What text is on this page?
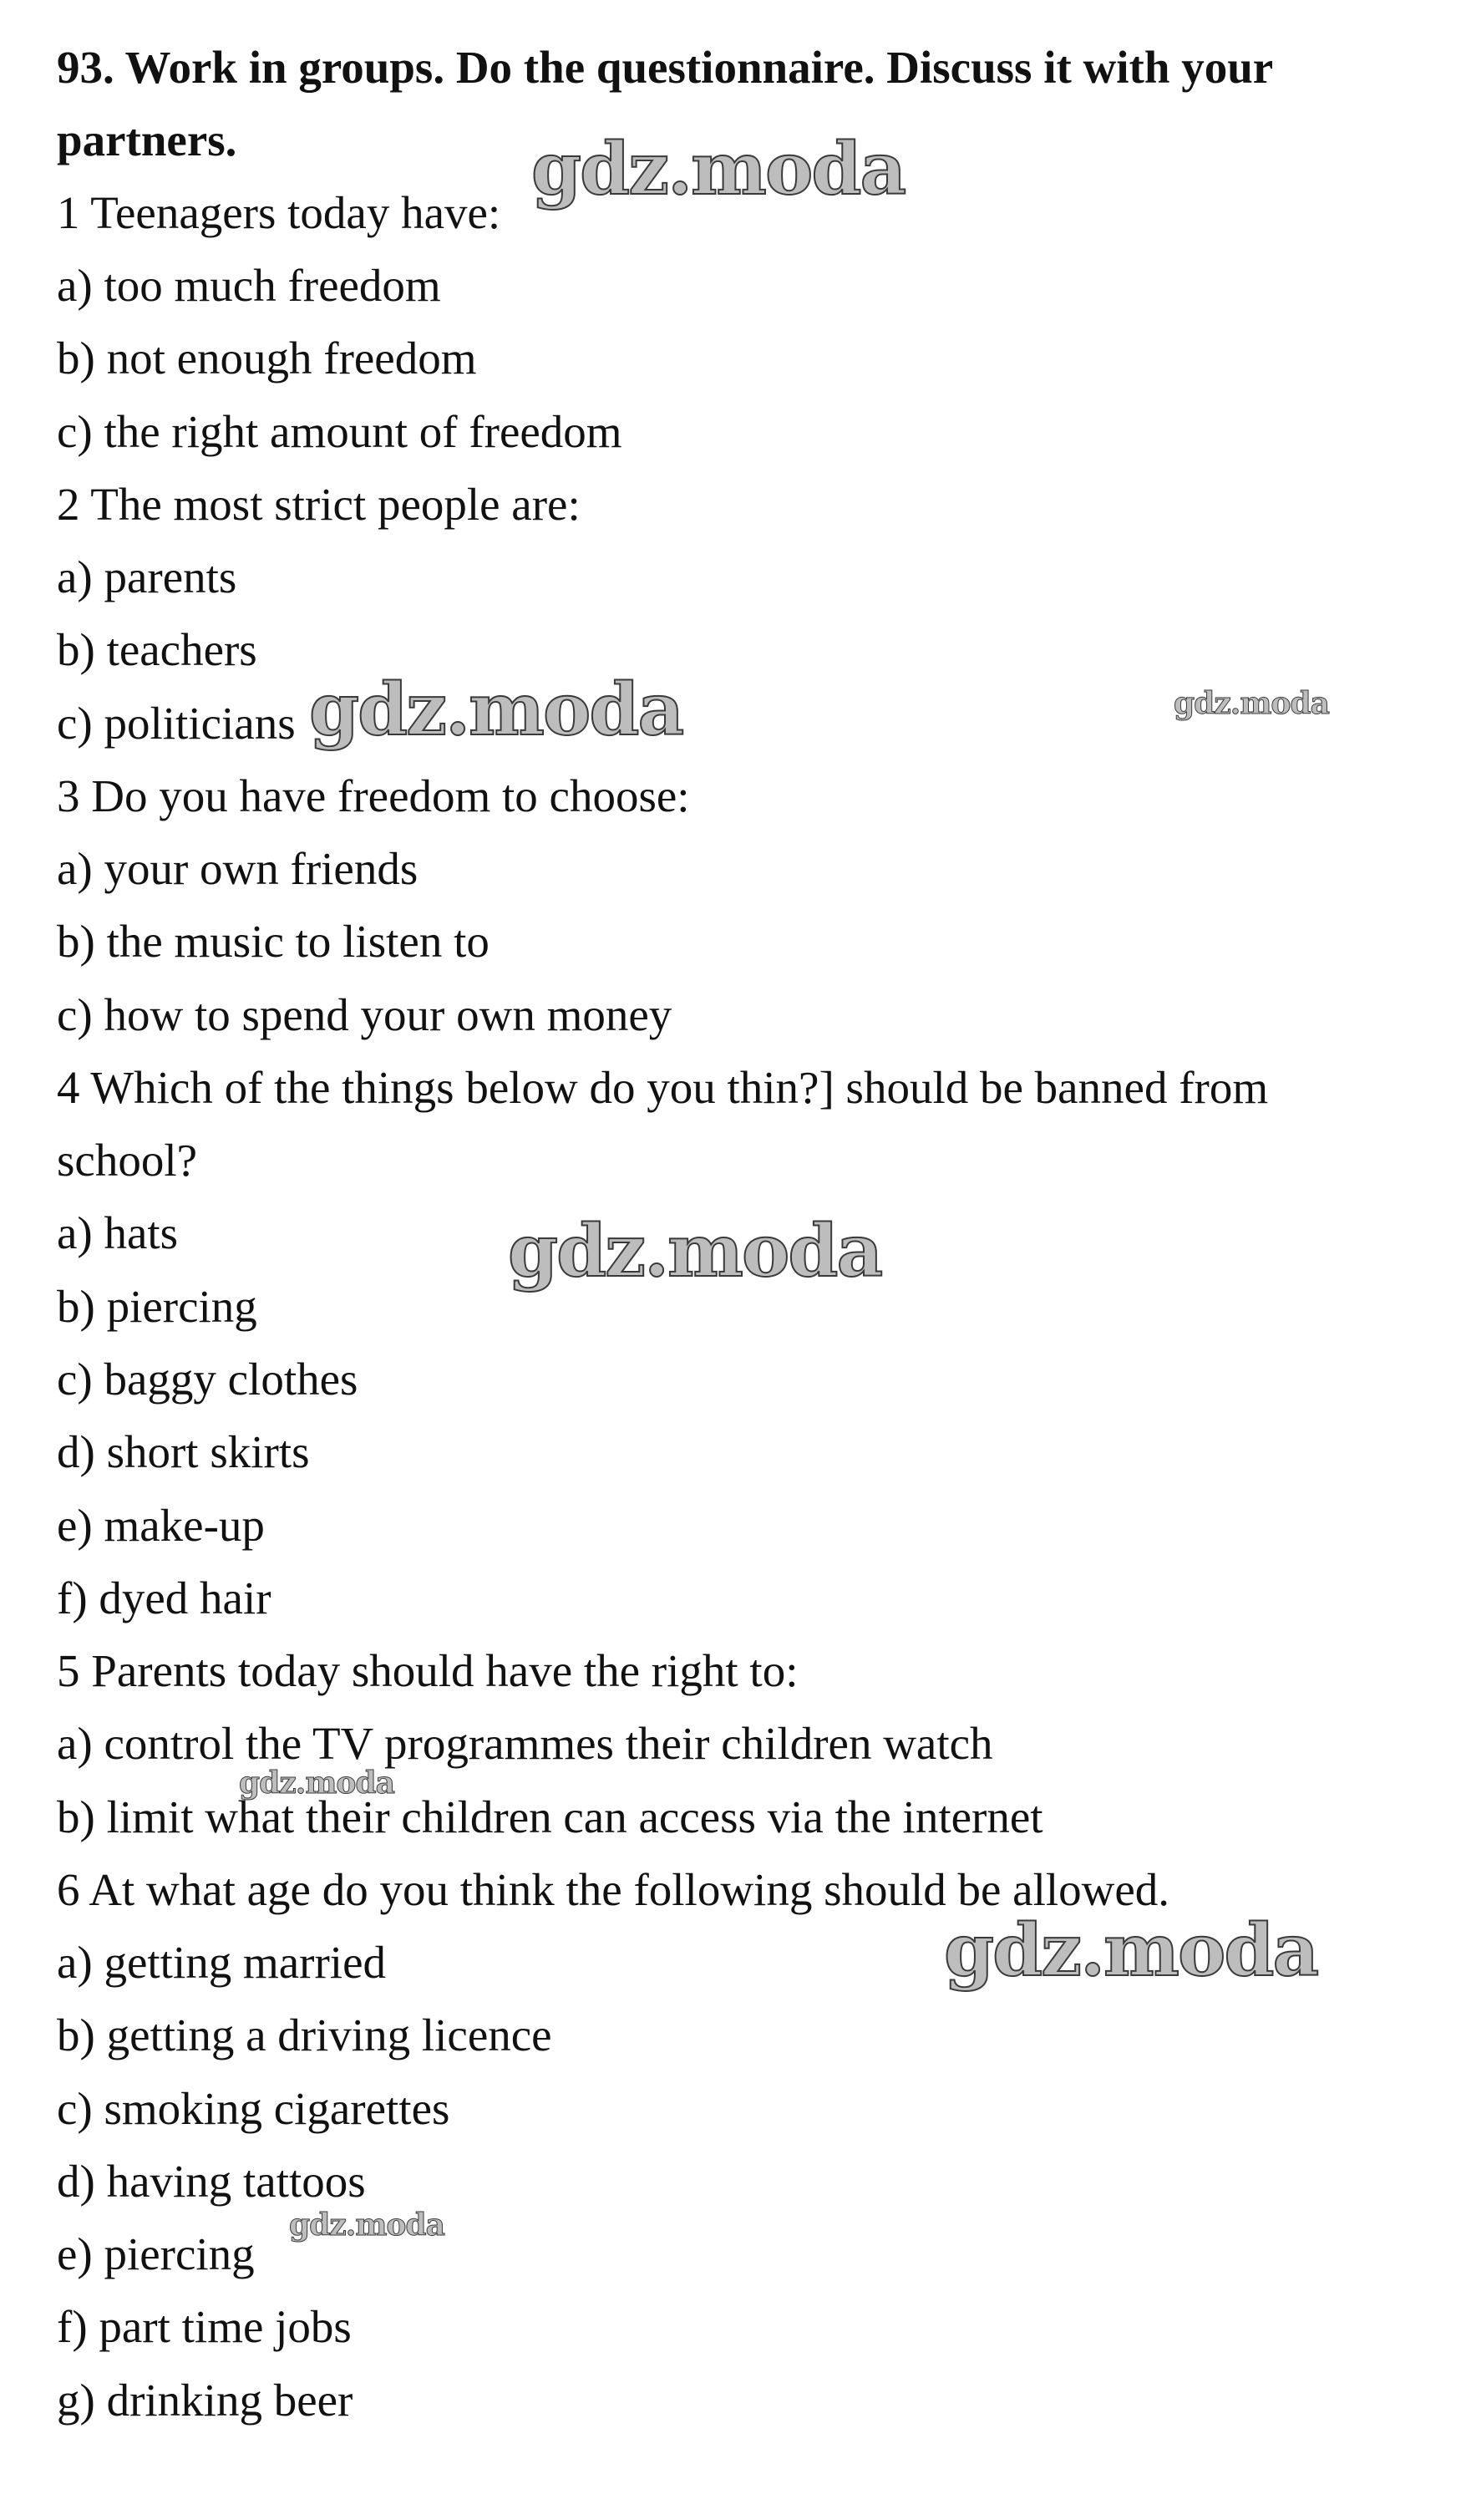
93. Work in groups. Do the questionnaire. Discuss it with your
partners.
1 Teenagers today have:
a) too much freedom
b) not enough freedom
c) the right amount of freedom
2 The most strict people are:
a) parents
b) teachers
c) politicians
3 Do you have freedom to choose:
a) your own friends
b) the music to listen to
c) how to spend your own money
4 Which of the things below do you thin?] should be banned from
school?
a) hats
b) piercing
c) baggy clothes
d) short skirts
e) make-up
f) dyed hair
5 Parents today should have the right to:
a) control the TV programmes their children watch
b) limit what their children can access via the internet
6 At what age do you think the following should be allowed.
a) getting married
b) getting a driving licence
c) smoking cigarettes
d) having tattoos
e) piercing
f) part time jobs
g) drinking beer
gdz.moda
gdz.moda	gdz.moda
gdz.moda
gdz.moda
gdz.moda
gdz.moda
